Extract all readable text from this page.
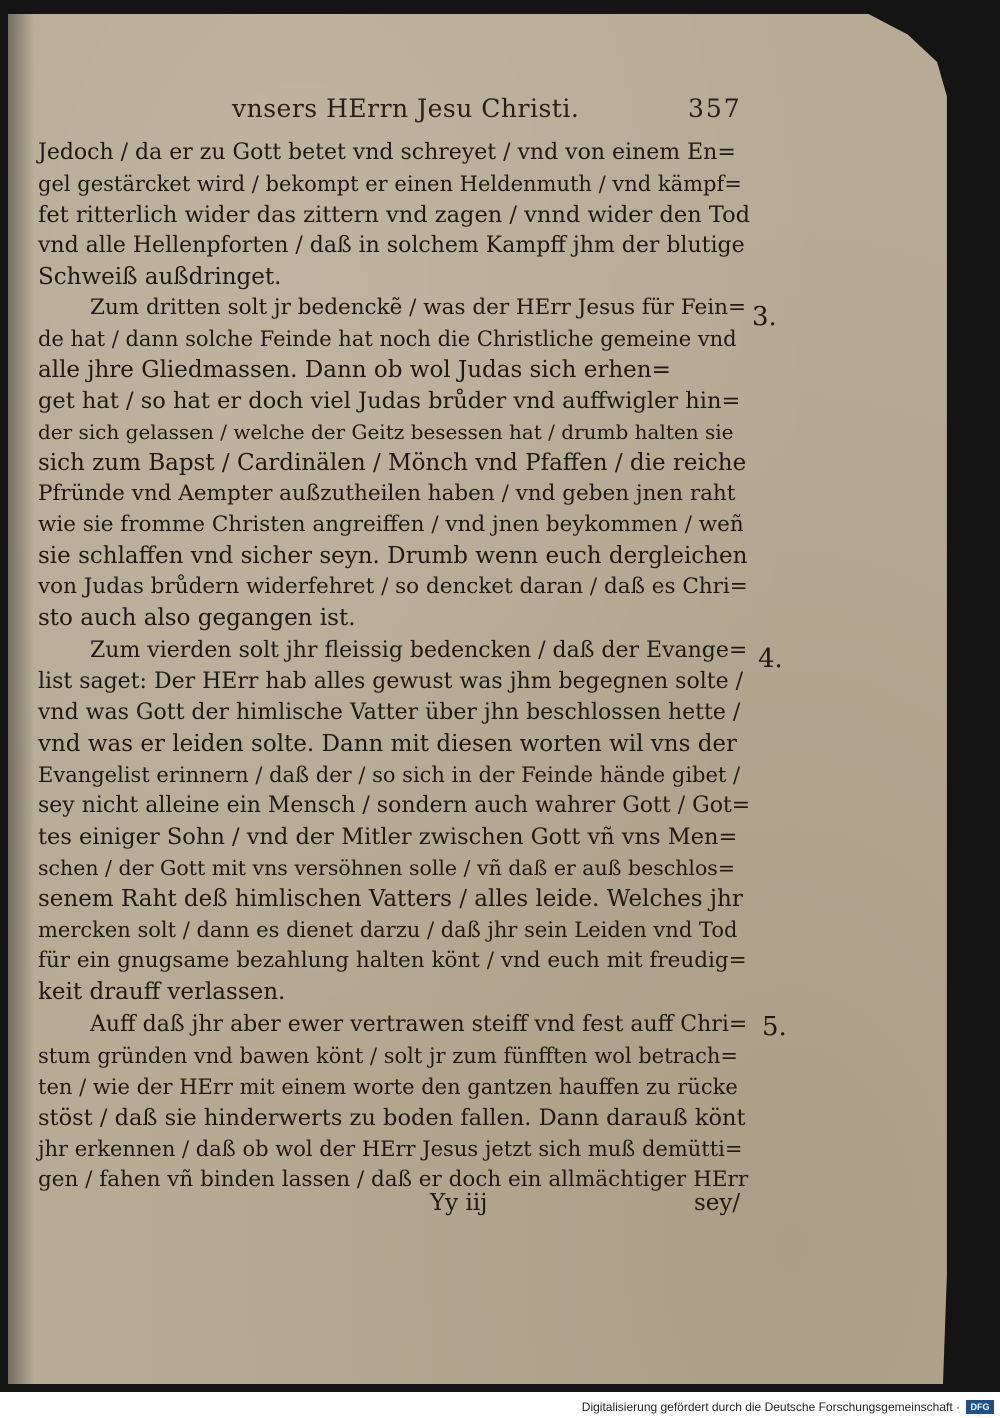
vnsers HErrn Jesu Christi.	357
Jedoch / da er zu Gott betet vnd schreyet / vnd von einem En=
gel gestärcket wird / bekompt er einen Heldenmuth / vnd kämpf=
fet ritterlich wider das zittern vnd zagen / vnnd wider den Tod
vnd alle Hellenpforten / daß in solchem Kampff jhm der blutige
Schweiß außdringet.
Zum dritten solt jr bedenckẽ / was der HErr Jesus für Fein=
de hat / dann solche Feinde hat noch die Christliche gemeine vnd
alle jhre Gliedmassen. Dann ob wol Judas sich erhen=
get hat / so hat er doch viel Judas brůder vnd auffwigler hin=
der sich gelassen / welche der Geitz besessen hat / drumb halten sie
sich zum Bapst / Cardinälen / Mönch vnd Pfaffen / die reiche
Pfründe vnd Aempter außzutheilen haben / vnd geben jnen raht
wie sie fromme Christen angreiffen / vnd jnen beykommen / weñ
sie schlaffen vnd sicher seyn. Drumb wenn euch dergleichen
von Judas brůdern widerfehret / so dencket daran / daß es Chri=
sto auch also gegangen ist.
Zum vierden solt jhr fleissig bedencken / daß der Evange=
list saget: Der HErr hab alles gewust was jhm begegnen solte /
vnd was Gott der himlische Vatter über jhn beschlossen hette /
vnd was er leiden solte. Dann mit diesen worten wil vns der
Evangelist erinnern / daß der / so sich in der Feinde hände gibet /
sey nicht alleine ein Mensch / sondern auch wahrer Gott / Got=
tes einiger Sohn / vnd der Mitler zwischen Gott vñ vns Men=
schen / der Gott mit vns versöhnen solle / vñ daß er auß beschlos=
senem Raht deß himlischen Vatters / alles leide. Welches jhr
mercken solt / dann es dienet darzu / daß jhr sein Leiden vnd Tod
für ein gnugsame bezahlung halten könt / vnd euch mit freudig=
keit drauff verlassen.
Auff daß jhr aber ewer vertrawen steiff vnd fest auff Chri=
stum gründen vnd bawen könt / solt jr zum fünfften wol betrach=
ten / wie der HErr mit einem worte den gantzen hauffen zu rücke
stöst / daß sie hinderwerts zu boden fallen. Dann darauß könt
jhr erkennen / daß ob wol der HErr Jesus jetzt sich muß demütti=
gen / fahen vñ binden lassen / daß er doch ein allmächtiger HErr
3.
4.
5.
Yy iij	sey/
Digitalisierung gefördert durch die Deutsche Forschungsgemeinschaft ·	DFG
